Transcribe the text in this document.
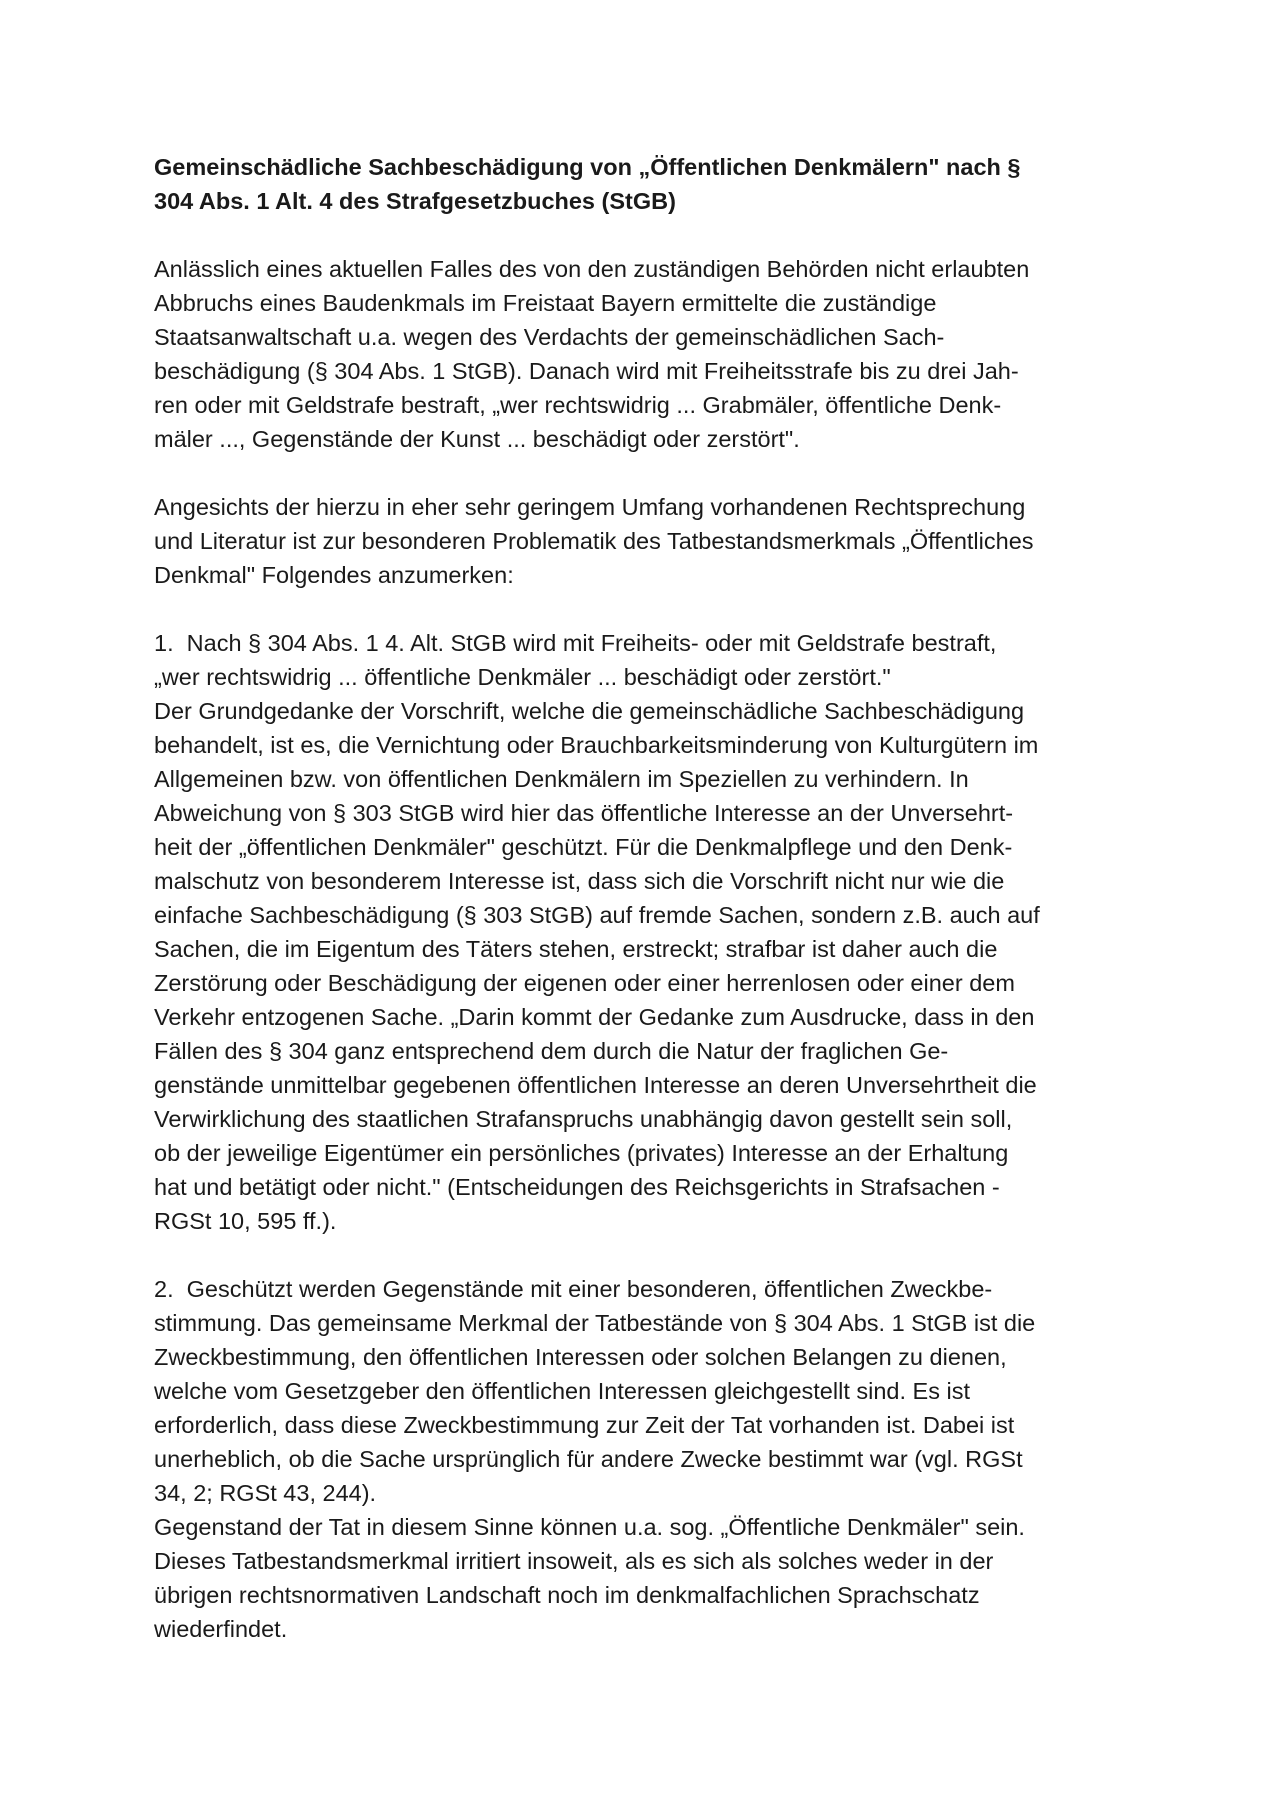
Gemeinschädliche Sachbeschädigung von „Öffentlichen Denkmälern" nach §
304 Abs. 1 Alt. 4 des Strafgesetzbuches (StGB)
Anlässlich eines aktuellen Falles des von den zuständigen Behörden nicht erlaubten
Abbruchs eines Baudenkmals im Freistaat Bayern ermittelte die zuständige
Staatsanwaltschaft u.a. wegen des Verdachts der gemeinschädlichen Sach-
beschädigung (§ 304 Abs. 1 StGB). Danach wird mit Freiheitsstrafe bis zu drei Jah-
ren oder mit Geldstrafe bestraft, „wer rechtswidrig ... Grabmäler, öffentliche Denk-
mäler ..., Gegenstände der Kunst ... beschädigt oder zerstört".
Angesichts der hierzu in eher sehr geringem Umfang vorhandenen Rechtsprechung
und Literatur ist zur besonderen Problematik des Tatbestandsmerkmals „Öffentliches
Denkmal" Folgendes anzumerken:
1.  Nach § 304 Abs. 1 4. Alt. StGB wird mit Freiheits- oder mit Geldstrafe bestraft,
„wer rechtswidrig ... öffentliche Denkmäler ... beschädigt oder zerstört."
Der Grundgedanke der Vorschrift, welche die gemeinschädliche Sachbeschädigung
behandelt, ist es, die Vernichtung oder Brauchbarkeitsminderung von Kulturgütern im
Allgemeinen bzw. von öffentlichen Denkmälern im Speziellen zu verhindern. In
Abweichung von § 303 StGB wird hier das öffentliche Interesse an der Unversehrt-
heit der „öffentlichen Denkmäler" geschützt. Für die Denkmalpflege und den Denk-
malschutz von besonderem Interesse ist, dass sich die Vorschrift nicht nur wie die
einfache Sachbeschädigung (§ 303 StGB) auf fremde Sachen, sondern z.B. auch auf
Sachen, die im Eigentum des Täters stehen, erstreckt; strafbar ist daher auch die
Zerstörung oder Beschädigung der eigenen oder einer herrenlosen oder einer dem
Verkehr entzogenen Sache. „Darin kommt der Gedanke zum Ausdrucke, dass in den
Fällen des § 304 ganz entsprechend dem durch die Natur der fraglichen Ge-
genstände unmittelbar gegebenen öffentlichen Interesse an deren Unversehrtheit die
Verwirklichung des staatlichen Strafanspruchs unabhängig davon gestellt sein soll,
ob der jeweilige Eigentümer ein persönliches (privates) Interesse an der Erhaltung
hat und betätigt oder nicht." (Entscheidungen des Reichsgerichts in Strafsachen -
RGSt 10, 595 ff.).
2.  Geschützt werden Gegenstände mit einer besonderen, öffentlichen Zweckbe-
stimmung. Das gemeinsame Merkmal der Tatbestände von § 304 Abs. 1 StGB ist die
Zweckbestimmung, den öffentlichen Interessen oder solchen Belangen zu dienen,
welche vom Gesetzgeber den öffentlichen Interessen gleichgestellt sind. Es ist
erforderlich, dass diese Zweckbestimmung zur Zeit der Tat vorhanden ist. Dabei ist
unerheblich, ob die Sache ursprünglich für andere Zwecke bestimmt war (vgl. RGSt
34, 2; RGSt 43, 244).
Gegenstand der Tat in diesem Sinne können u.a. sog. „Öffentliche Denkmäler" sein.
Dieses Tatbestandsmerkmal irritiert insoweit, als es sich als solches weder in der
übrigen rechtsnormativen Landschaft noch im denkmalfachlichen Sprachschatz
wiederfindet.
